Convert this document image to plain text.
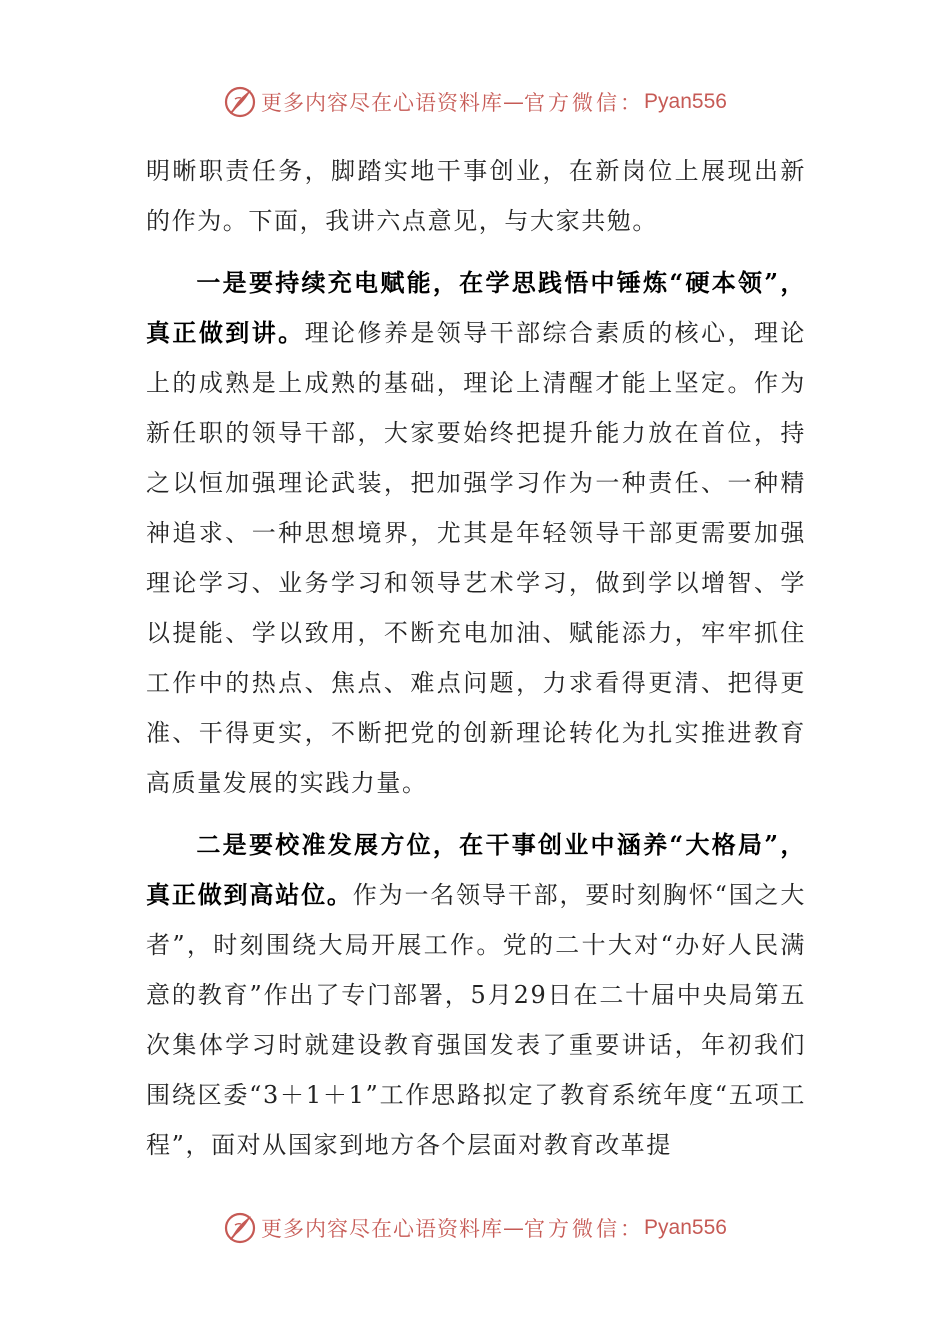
更多内容尽在心语资料库 — 官方微信： Pyan556

明晰职责任务，脚踏实地干事创业，在新岗位上展现出新的作为。下面，我讲六点意见，与大家共勉。

一是要持续充电赋能，在学思践悟中锤炼“硬本领”，真正做到讲。理论修养是领导干部综合素质的核心，理论上的成熟是上成熟的基础，理论上清醒才能上坚定。作为新任职的领导干部，大家要始终把提升能力放在首位，持之以恒加强理论武装，把加强学习作为一种责任、一种精神追求、一种思想境界，尤其是年轻领导干部更需要加强理论学习、业务学习和领导艺术学习，做到学以增智、学以提能、学以致用，不断充电加油、赋能添力，牢牢抓住工作中的热点、焦点、难点问题，力求看得更清、把得更准、干得更实，不断把党的创新理论转化为扎实推进教育高质量发展的实践力量。

二是要校准发展方位，在干事创业中涵养“大格局”，真正做到高站位。作为一名领导干部，要时刻胸怀“国之大者”，时刻围绕大局开展工作。党的二十大对“办好人民满意的教育”作出了专门部署，5月29日在二十届中央局第五次集体学习时就建设教育强国发表了重要讲话，年初我们围绕区委“3＋1＋1”工作思路拟定了教育系统年度“五项工程”，面对从国家到地方各个层面对教育改革提

更多内容尽在心语资料库 — 官方微信： Pyan556
